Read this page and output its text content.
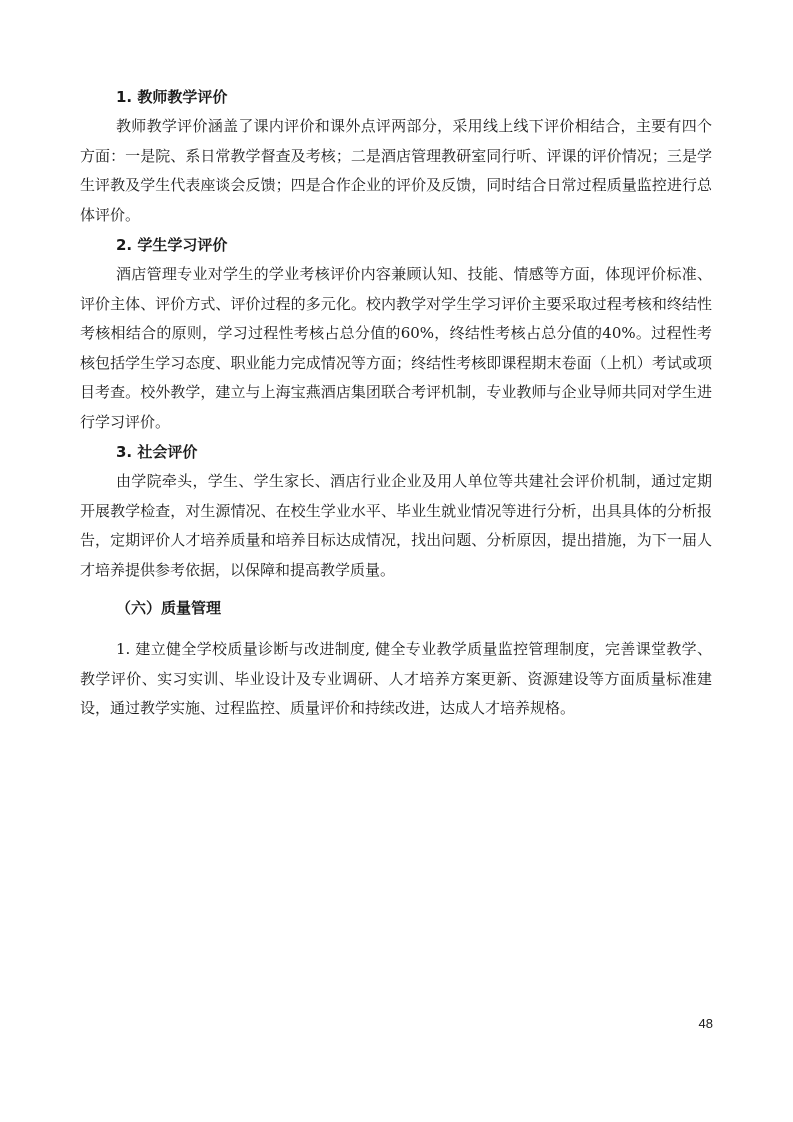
1. 教师教学评价

教师教学评价涵盖了课内评价和课外点评两部分，采用线上线下评价相结合，主要有四个方面：一是院、系日常教学督查及考核；二是酒店管理教研室同行听、评课的评价情况；三是学生评教及学生代表座谈会反馈；四是合作企业的评价及反馈，同时结合日常过程质量监控进行总体评价。

2. 学生学习评价

酒店管理专业对学生的学业考核评价内容兼顾认知、技能、情感等方面，体现评价标准、评价主体、评价方式、评价过程的多元化。校内教学对学生学习评价主要采取过程考核和终结性考核相结合的原则，学习过程性考核占总分值的60%，终结性考核占总分值的40%。过程性考核包括学生学习态度、职业能力完成情况等方面；终结性考核即课程期末卷面（上机）考试或项目考查。校外教学，建立与上海宝燕酒店集团联合考评机制，专业教师与企业导师共同对学生进行学习评价。

3. 社会评价

由学院牵头，学生、学生家长、酒店行业企业及用人单位等共建社会评价机制，通过定期开展教学检查，对生源情况、在校生学业水平、毕业生就业情况等进行分析，出具具体的分析报告，定期评价人才培养质量和培养目标达成情况，找出问题、分析原因，提出措施，为下一届人才培养提供参考依据，以保障和提高教学质量。

（六）质量管理

1. 建立健全学校质量诊断与改进制度, 健全专业教学质量监控管理制度，完善课堂教学、教学评价、实习实训、毕业设计及专业调研、人才培养方案更新、资源建设等方面质量标准建设，通过教学实施、过程监控、质量评价和持续改进，达成人才培养规格。

48
